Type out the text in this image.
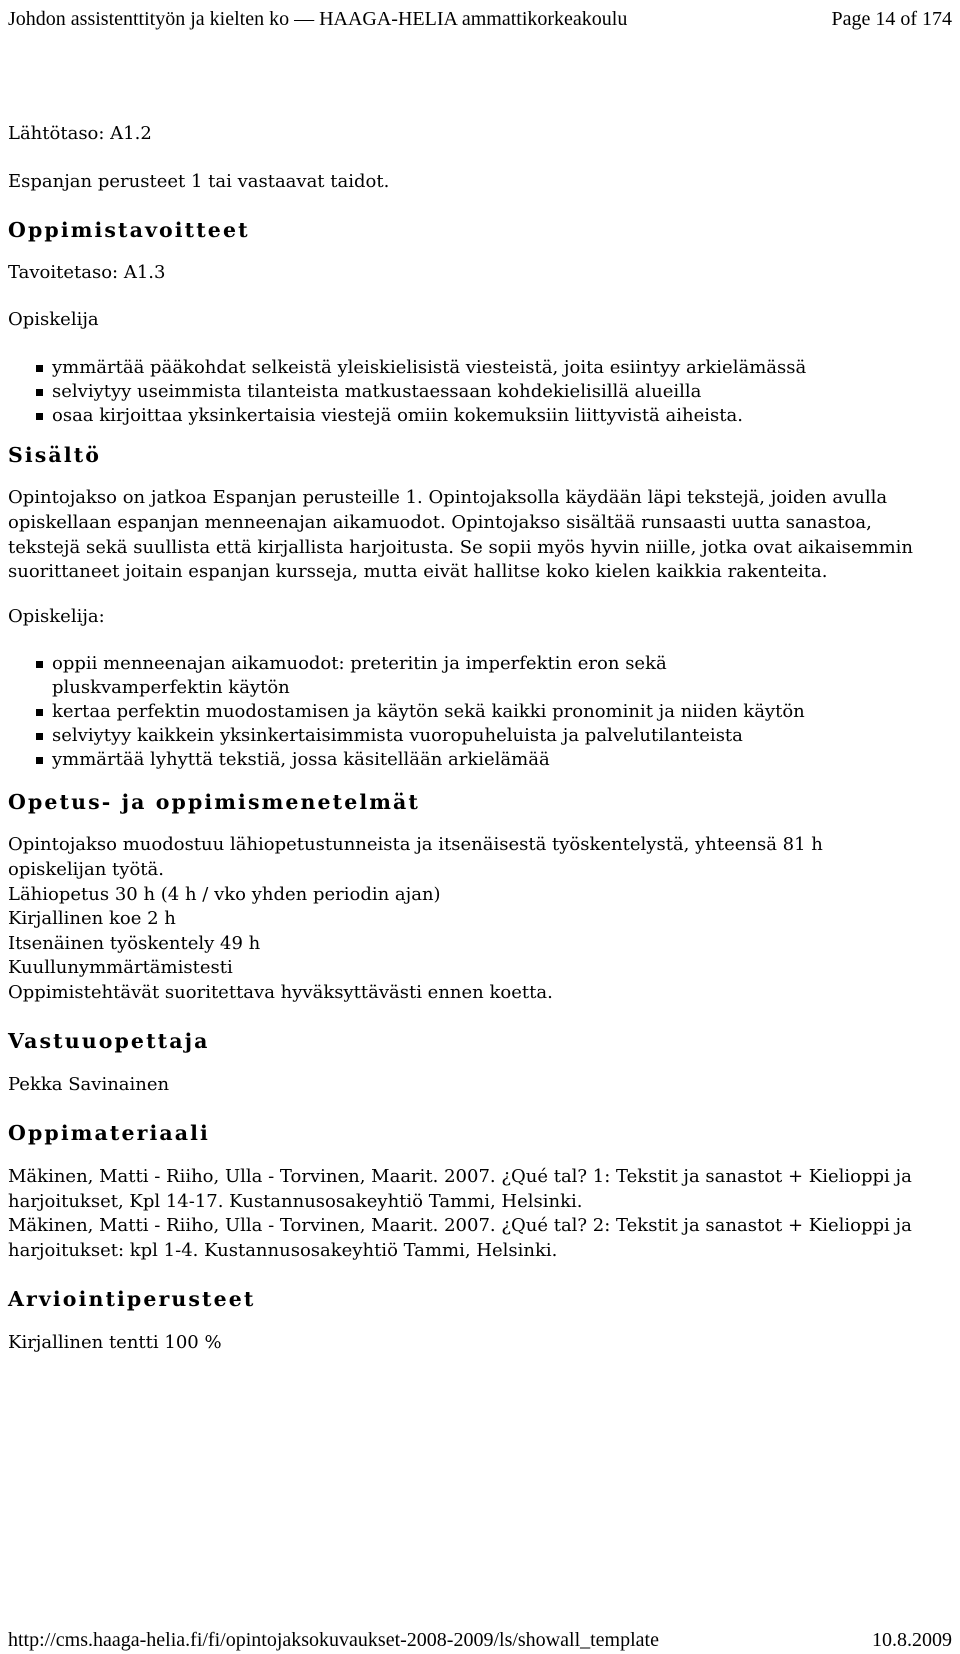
Johdon assistenttityön ja kielten ko — HAAGA-HELIA ammattikorkeakoulu	Page 14 of 174

Lähtötaso: A1.2

Espanjan perusteet 1 tai vastaavat taidot.

Oppimistavoitteet

Tavoitetaso: A1.3

Opiskelija

ymmärtää pääkohdat selkeistä yleiskielisistä viesteistä, joita esiintyy arkielämässä
selviytyy useimmista tilanteista matkustaessaan kohdekielisillä alueilla
osaa kirjoittaa yksinkertaisia viestejä omiin kokemuksiin liittyvistä aiheista.
Sisältö

Opintojakso on jatkoa Espanjan perusteille 1. Opintojaksolla käydään läpi tekstejä, joiden avulla

opiskellaan espanjan menneenajan aikamuodot. Opintojakso sisältää runsaasti uutta sanastoa,

tekstejä sekä suullista että kirjallista harjoitusta. Se sopii myös hyvin niille, jotka ovat aikaisemmin

suorittaneet joitain espanjan kursseja, mutta eivät hallitse koko kielen kaikkia rakenteita.

Opiskelija:

oppii menneenajan aikamuodot: preteritin ja imperfektin eron sekä pluskvamperfektin käytön
kertaa perfektin muodostamisen ja käytön sekä kaikki pronominit ja niiden käytön
selviytyy kaikkein yksinkertaisimmista vuoropuheluista ja palvelutilanteista
ymmärtää lyhyttä tekstiä, jossa käsitellään arkielämää
Opetus- ja oppimismenetelmät

Opintojakso muodostuu lähiopetustunneista ja itsenäisestä työskentelystä, yhteensä 81 h

opiskelijan työtä.

Lähiopetus 30 h (4 h / vko yhden periodin ajan)

Kirjallinen koe 2 h

Itsenäinen työskentely 49 h

Kuullunymmärtämistesti

Oppimistehtävät suoritettava hyväksyttävästi ennen koetta.

Vastuuopettaja

Pekka Savinainen

Oppimateriaali

Mäkinen, Matti - Riiho, Ulla - Torvinen, Maarit. 2007. ¿Qué tal? 1: Tekstit ja sanastot + Kielioppi ja

harjoitukset, Kpl 14-17. Kustannusosakeyhtiö Tammi, Helsinki.

Mäkinen, Matti - Riiho, Ulla - Torvinen, Maarit. 2007. ¿Qué tal? 2: Tekstit ja sanastot + Kielioppi ja

harjoitukset: kpl 1-4. Kustannusosakeyhtiö Tammi, Helsinki.

Arviointiperusteet

Kirjallinen tentti 100 %

http://cms.haaga-helia.fi/fi/opintojaksokuvaukset-2008-2009/ls/showall_template	10.8.2009
